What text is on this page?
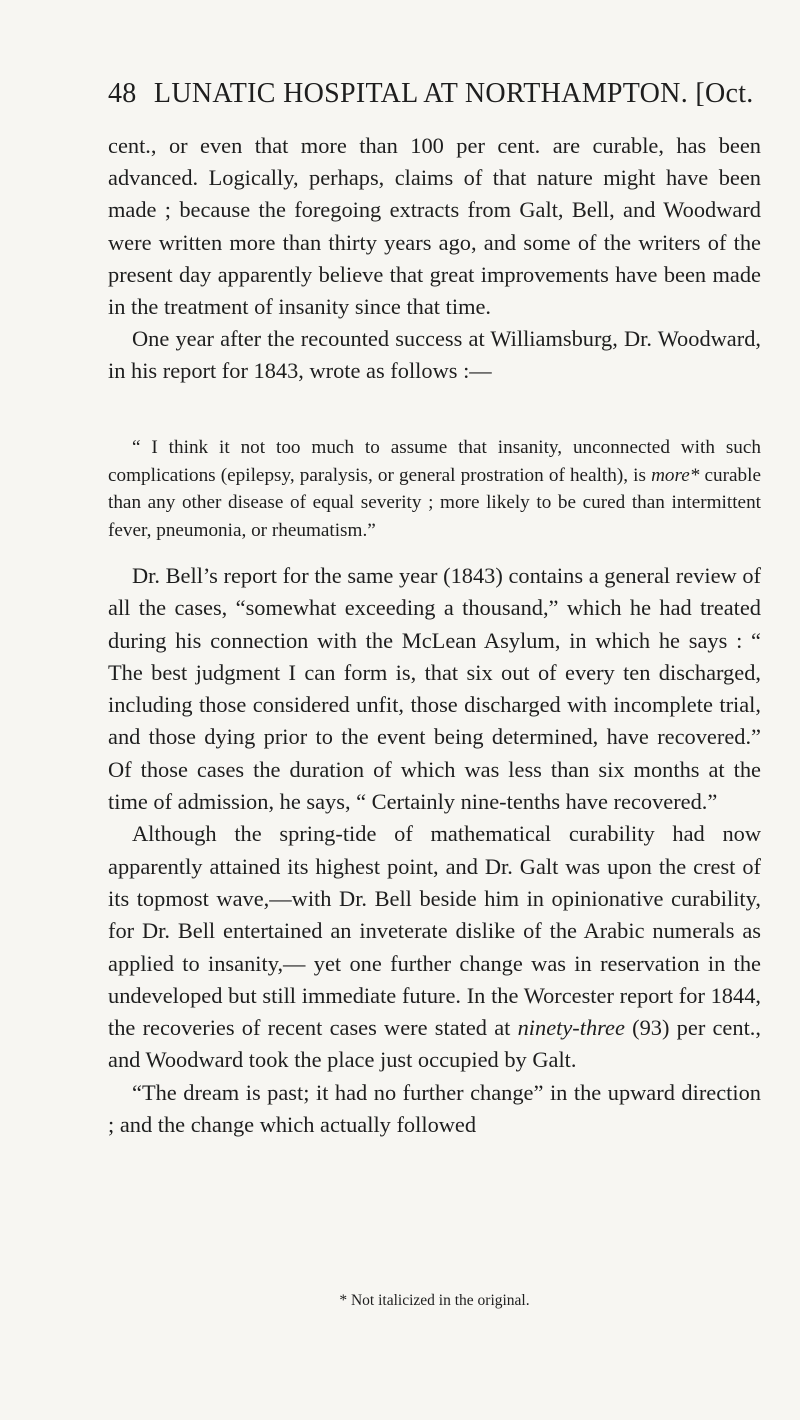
48 LUNATIC HOSPITAL AT NORTHAMPTON. [Oct.

cent., or even that more than 100 per cent. are curable, has been advanced. Logically, perhaps, claims of that nature might have been made ; because the foregoing extracts from Galt, Bell, and Woodward were written more than thirty years ago, and some of the writers of the present day apparently believe that great improvements have been made in the treatment of insanity since that time.

One year after the recounted success at Williamsburg, Dr. Woodward, in his report for 1843, wrote as follows :—

“ I think it not too much to assume that insanity, unconnected with such complications (epilepsy, paralysis, or general prostration of health), is more* curable than any other disease of equal severity ; more likely to be cured than intermittent fever, pneumonia, or rheumatism.”

Dr. Bell’s report for the same year (1843) contains a general review of all the cases, “somewhat exceeding a thousand,” which he had treated during his connection with the McLean Asylum, in which he says : “ The best judgment I can form is, that six out of every ten discharged, including those considered unfit, those discharged with incomplete trial, and those dying prior to the event being determined, have recovered.” Of those cases the duration of which was less than six months at the time of admission, he says, “ Certainly nine-tenths have recovered.”

Although the spring-tide of mathematical curability had now apparently attained its highest point, and Dr. Galt was upon the crest of its topmost wave,—with Dr. Bell beside him in opinionative curability, for Dr. Bell entertained an inveterate dislike of the Arabic numerals as applied to insanity,— yet one further change was in reservation in the undeveloped but still immediate future. In the Worcester report for 1844, the recoveries of recent cases were stated at ninety-three (93) per cent., and Woodward took the place just occupied by Galt.

“The dream is past; it had no further change” in the upward direction ; and the change which actually followed

* Not italicized in the original.
